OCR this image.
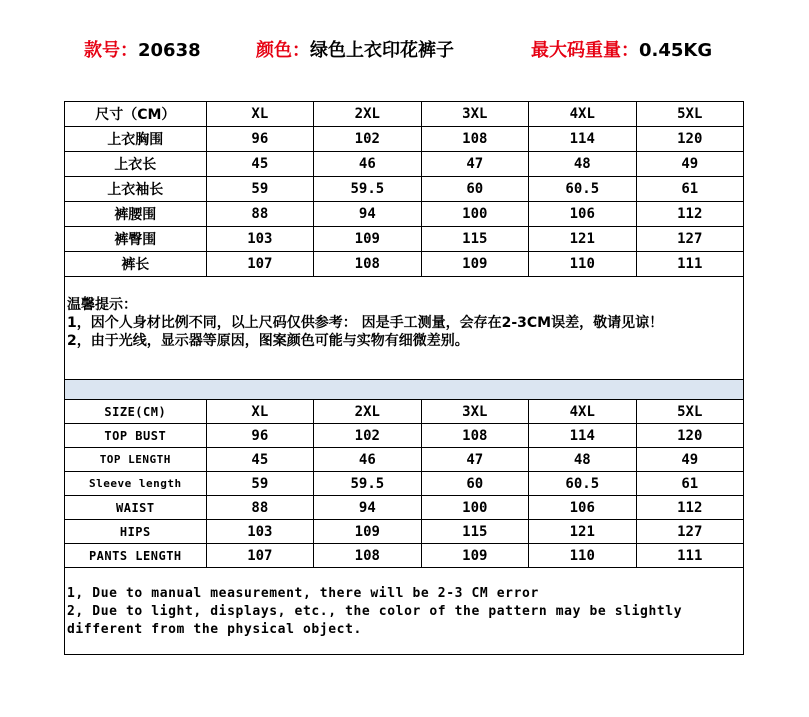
款号：20638	颜色：绿色上衣印花裤子	最大码重量：0.45KG
尺寸（CM）	XL	2XL	3XL	4XL	5XL
上衣胸围	96	102	108	114	120
上衣长	45	46	47	48	49
上衣袖长	59	59.5	60	60.5	61
裤腰围	88	94	100	106	112
裤臀围	103	109	115	121	127
裤长	107	108	109	110	111

温馨提示：

1，因个人身材比例不同，以上尺码仅供参考： 因是手工测量，会存在2-3CM误差，敬请见谅！

2，由于光线，显示器等原因，图案颜色可能与实物有细微差别。

SIZE(CM)	XL	2XL	3XL	4XL	5XL
TOP BUST	96	102	108	114	120
TOP LENGTH	45	46	47	48	49
Sleeve length	59	59.5	60	60.5	61
WAIST	88	94	100	106	112
HIPS	103	109	115	121	127
PANTS LENGTH	107	108	109	110	111

1, Due to manual measurement, there will be 2-3 CM error

2, Due to light, displays, etc., the color of the pattern may be slightly different from the physical object.
